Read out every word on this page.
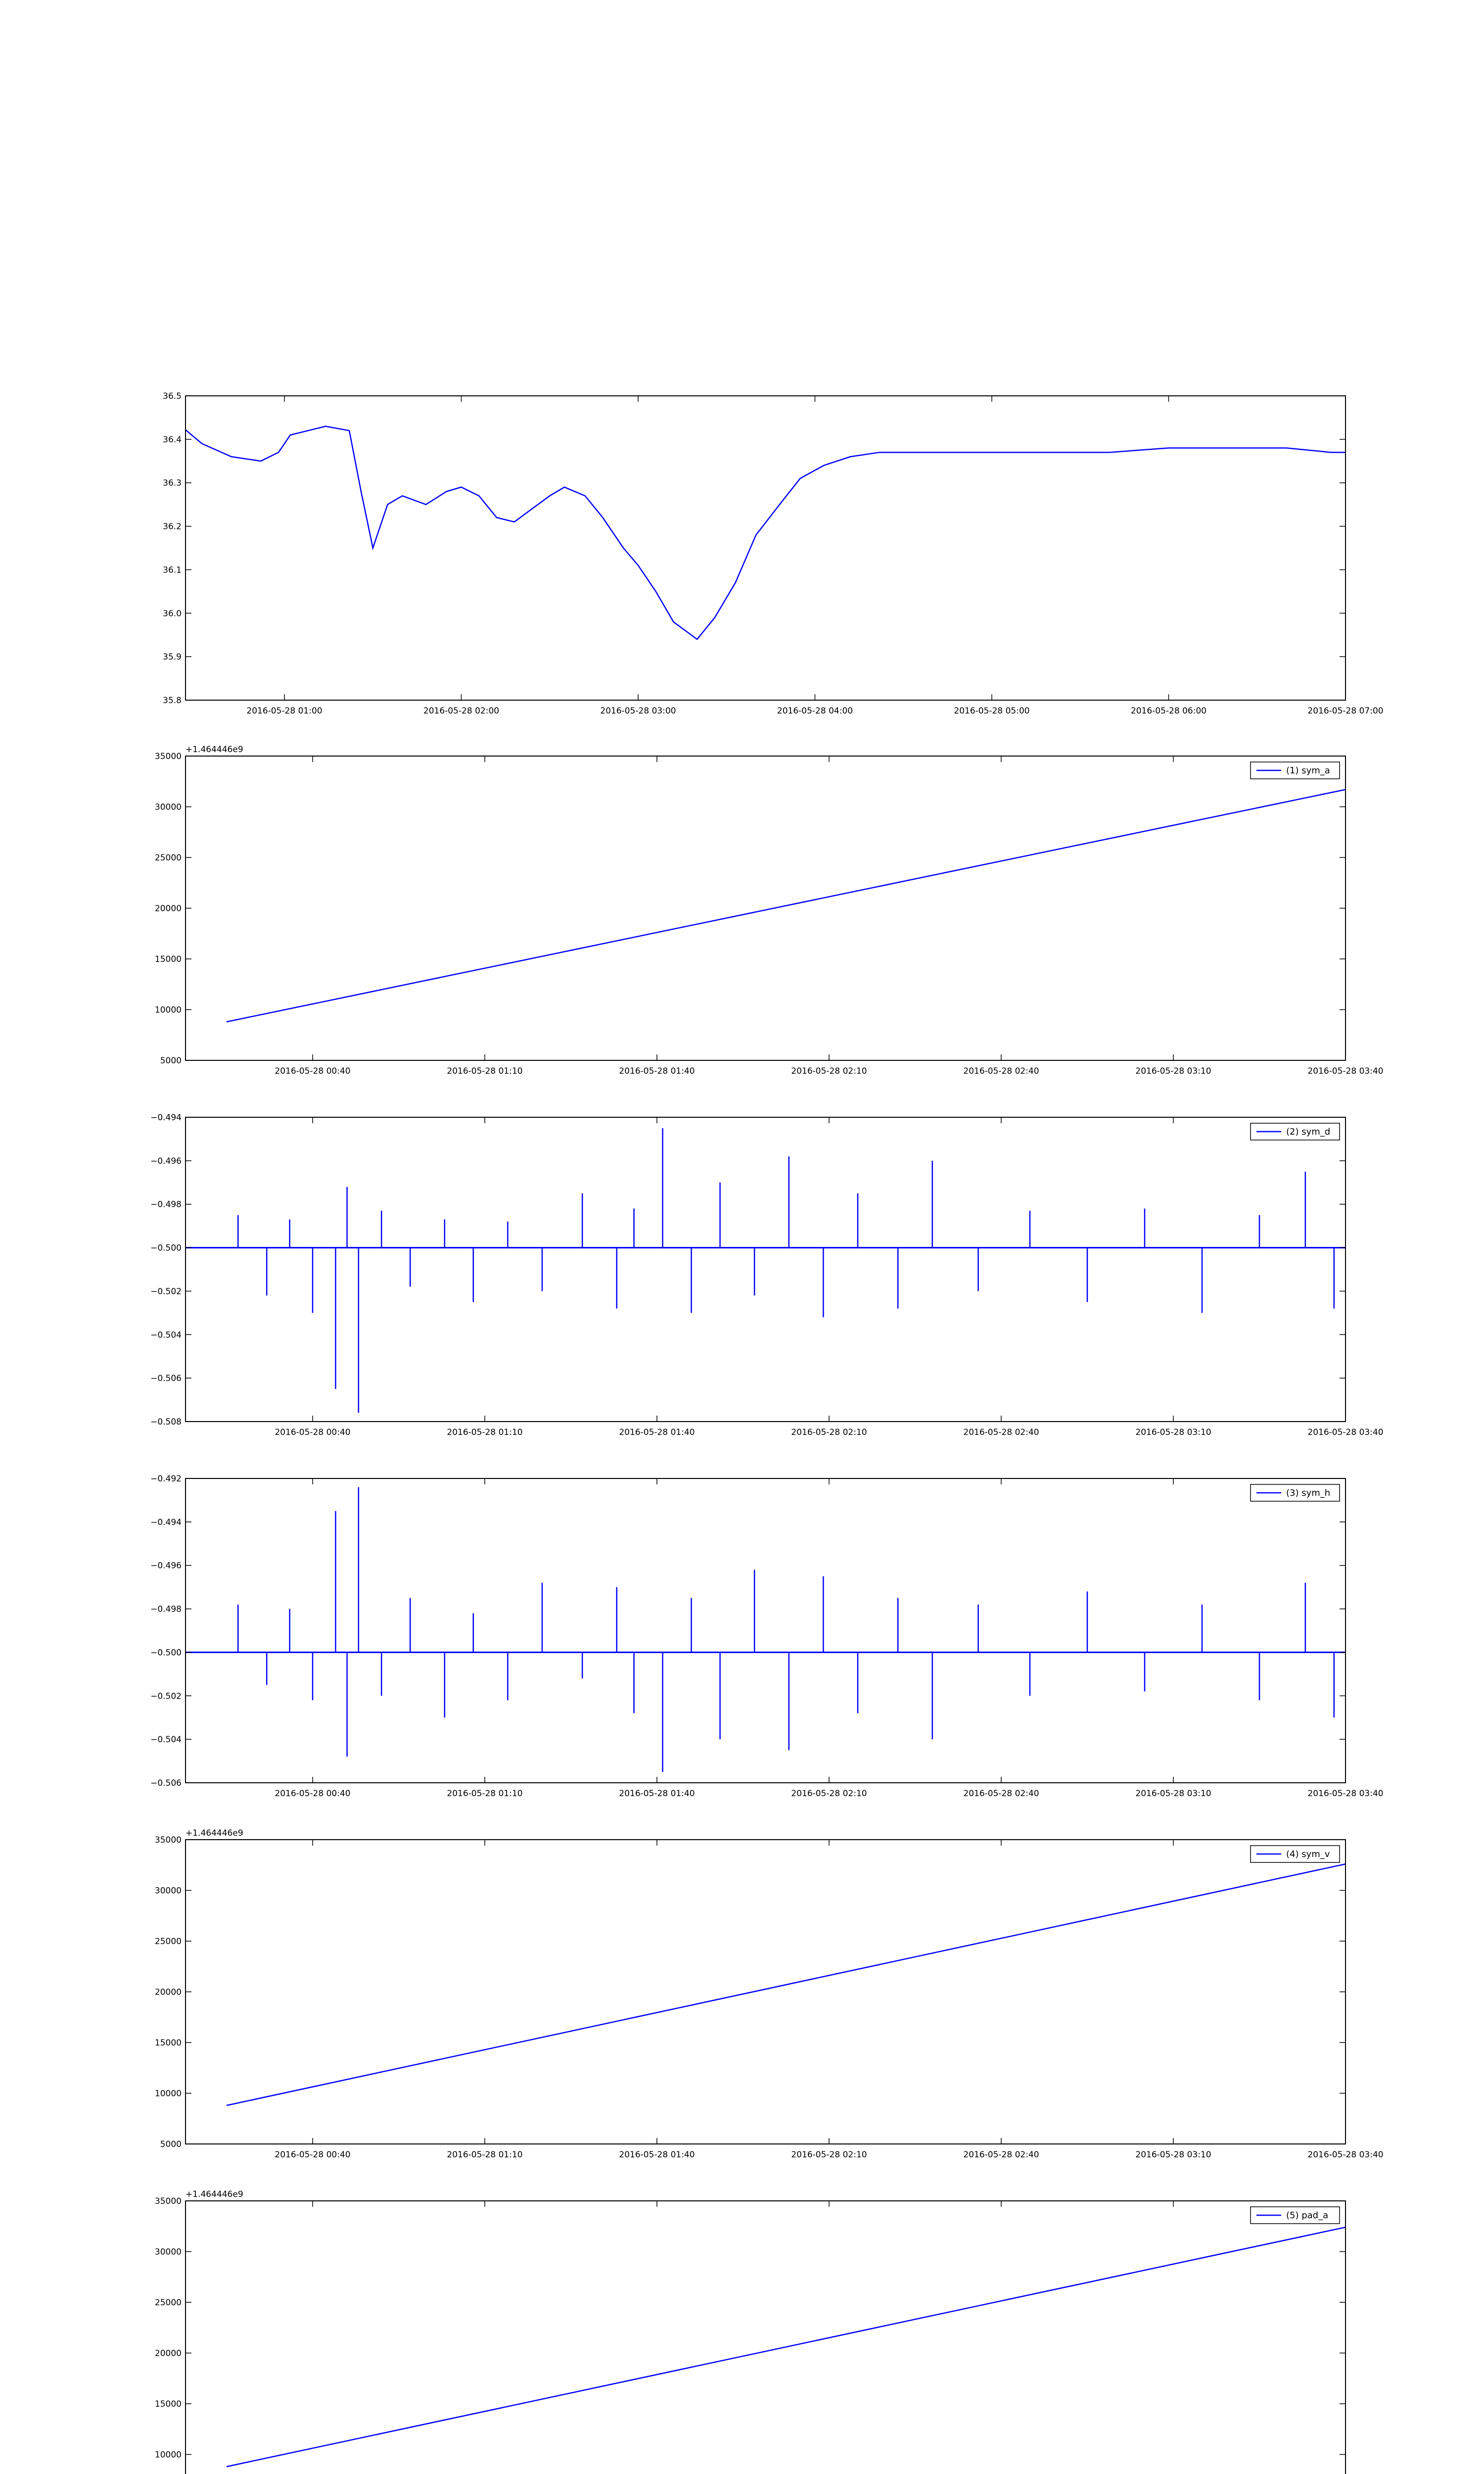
35.8
35.9
36.0
36.1
36.2
36.3
36.4
36.5
2016-05-28 01:00	2016-05-28 02:00	2016-05-28 03:00	2016-05-28 04:00	2016-05-28 05:00	2016-05-28 06:00	2016-05-28 07:00
5000
10000
15000
20000
25000
30000
35000
2016-05-28 00:40	2016-05-28 01:10	2016-05-28 01:40	2016-05-28 02:10	2016-05-28 02:40	2016-05-28 03:10	2016-05-28 03:40
+1.464446e9
(1) sym_a
−0.508
−0.506
−0.504
−0.502
−0.500
−0.498
−0.496
−0.494
2016-05-28 00:40	2016-05-28 01:10	2016-05-28 01:40	2016-05-28 02:10	2016-05-28 02:40	2016-05-28 03:10	2016-05-28 03:40
(2) sym_d
−0.506
−0.504
−0.502
−0.500
−0.498
−0.496
−0.494
−0.492
2016-05-28 00:40	2016-05-28 01:10	2016-05-28 01:40	2016-05-28 02:10	2016-05-28 02:40	2016-05-28 03:10	2016-05-28 03:40
(3) sym_h
5000
10000
15000
20000
25000
30000
35000
2016-05-28 00:40	2016-05-28 01:10	2016-05-28 01:40	2016-05-28 02:10	2016-05-28 02:40	2016-05-28 03:10	2016-05-28 03:40
+1.464446e9
(4) sym_v
10000
15000
20000
25000
30000
35000
+1.464446e9
(5) pad_a
